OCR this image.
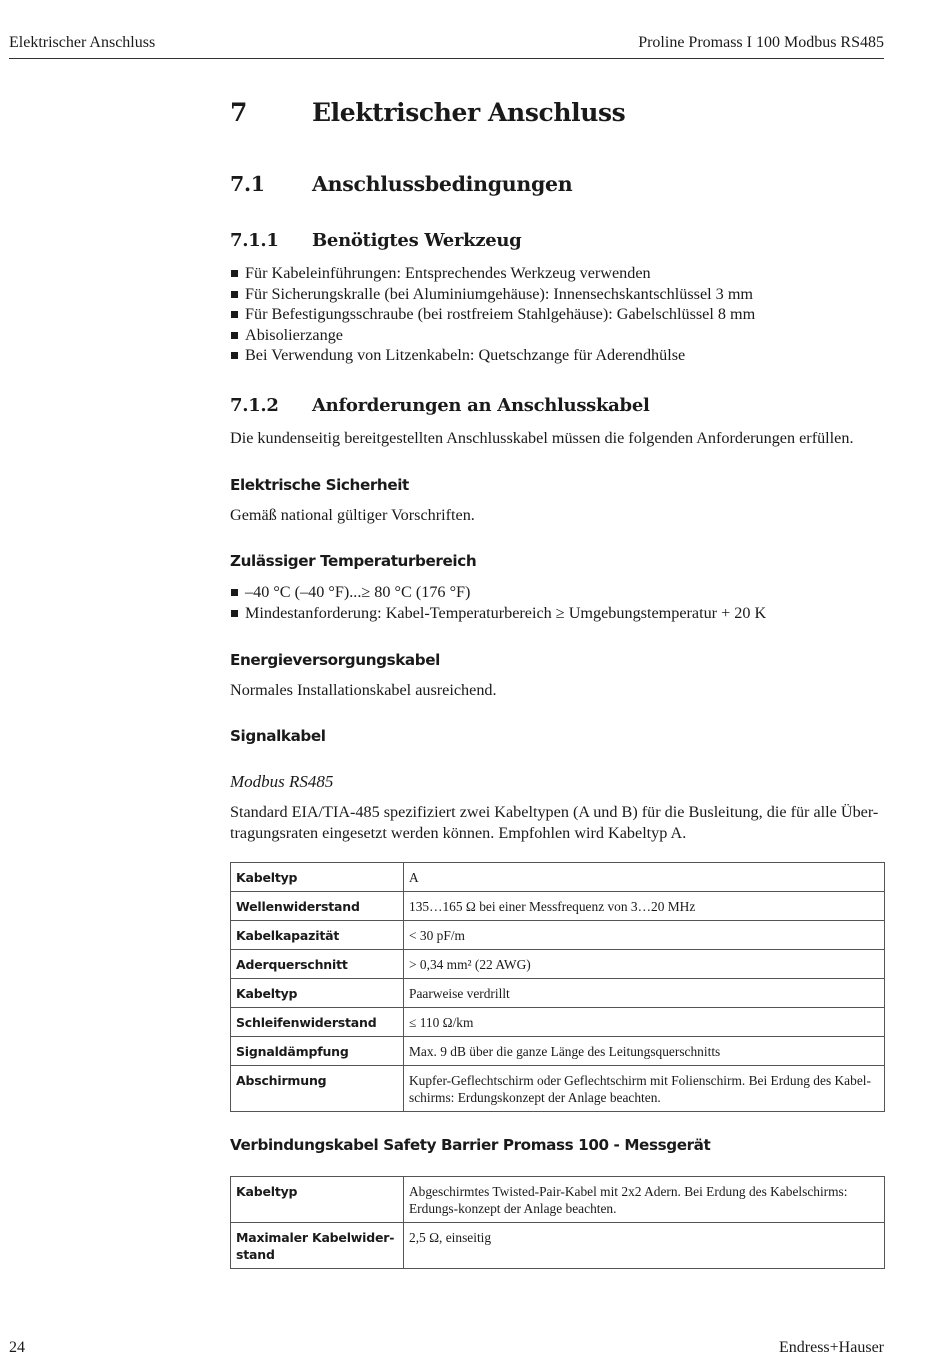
Elektrischer Anschluss	Proline Promass I 100 Modbus RS485
7	Elektrischer Anschluss
7.1 Anschlussbedingungen
7.1.1 Benötigtes Werkzeug
Für Kabeleinführungen: Entsprechendes Werkzeug verwenden
Für Sicherungskralle (bei Aluminiumgehäuse): Innensechskantschlüssel 3 mm
Für Befestigungsschraube (bei rostfreiem Stahlgehäuse): Gabelschlüssel 8 mm
Abisolierzange
Bei Verwendung von Litzenkabeln: Quetschzange für Aderendhülse
7.1.2 Anforderungen an Anschlusskabel
Die kundenseitig bereitgestellten Anschlusskabel müssen die folgenden Anforderungen erfüllen.
Elektrische Sicherheit
Gemäß national gültiger Vorschriften.
Zulässiger Temperaturbereich
–40 °C (–40 °F)...≥ 80 °C (176 °F)
Mindestanforderung: Kabel-Temperaturbereich ≥ Umgebungstemperatur + 20 K
Energieversorgungskabel
Normales Installationskabel ausreichend.
Signalkabel
Modbus RS485
Standard EIA/TIA-485 spezifiziert zwei Kabeltypen (A und B) für die Busleitung, die für alle Über-tragungsraten eingesetzt werden können. Empfohlen wird Kabeltyp A.
Kabeltyp	A
Wellenwiderstand	135…165 Ω bei einer Messfrequenz von 3…20 MHz
Kabelkapazität	< 30 pF/m
Aderquerschnitt	> 0,34 mm² (22 AWG)
Kabeltyp	Paarweise verdrillt
Schleifenwiderstand	≤ 110 Ω/km
Signaldämpfung	Max. 9 dB über die ganze Länge des Leitungsquerschnitts
Abschirmung	Kupfer-Geflechtschirm oder Geflechtschirm mit Folienschirm. Bei Erdung des Kabel-schirms: Erdungskonzept der Anlage beachten.
Verbindungskabel Safety Barrier Promass 100 - Messgerät
Kabeltyp	Abgeschirmtes Twisted-Pair-Kabel mit 2x2 Adern. Bei Erdung des Kabelschirms: Erdungs-konzept der Anlage beachten.
Maximaler Kabelwider-stand	2,5 Ω, einseitig
24	Endress+Hauser
